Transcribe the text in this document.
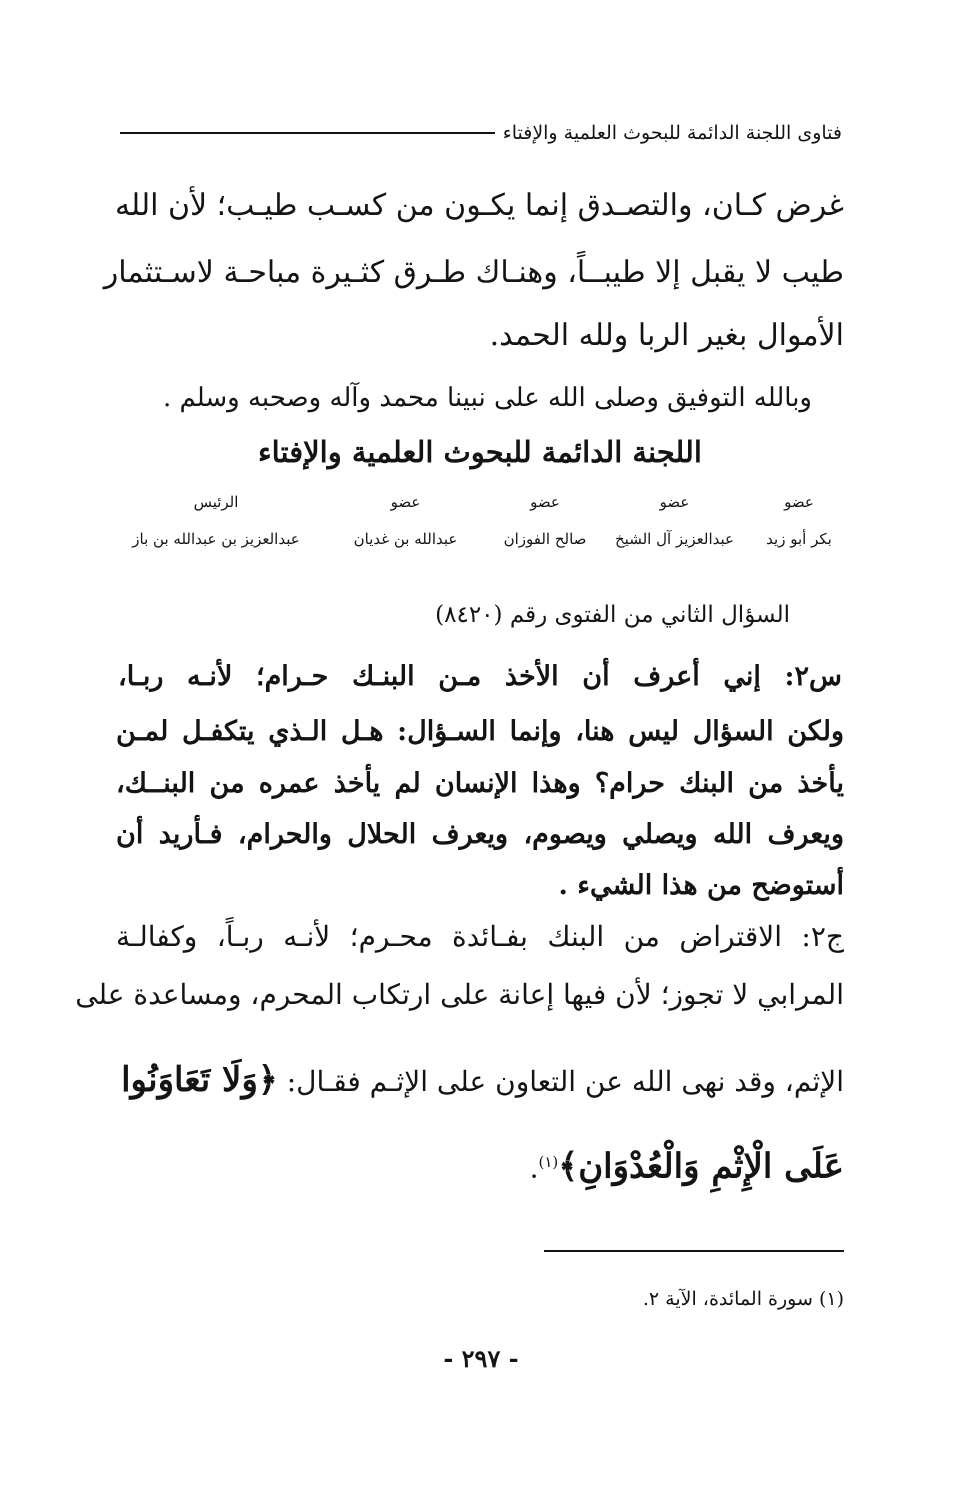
فتاوى اللجنة الدائمة للبحوث العلمية والإفتاء
غرض كـان، والتصـدق إنما يكـون من كسـب طيـب؛ لأن الله
طيب لا يقبل إلا طيبــاً، وهنـاك طـرق كثـيرة مباحـة لاسـتثمار
الأموال بغير الربا ولله الحمد.
وبالله التوفيق وصلى الله على نبينا محمد وآله وصحبه وسلم .
اللجنة الدائمة للبحوث العلمية والإفتاء
عضو
عضو
عضو
عضو
الرئيس
بكر أبو زيد
عبدالعزيز آل الشيخ
صالح الفوزان
عبدالله بن غديان
عبدالعزيز بن عبدالله بن باز
السؤال الثاني من الفتوى رقم (٨٤٢٠)
س٢: إني أعرف أن الأخذ مـن البنـك حـرام؛ لأنـه ربـا،
ولكن السؤال ليس هنا، وإنما السـؤال: هـل الـذي يتكفـل لمـن
يأخذ من البنك حرام؟ وهذا الإنسان لم يأخذ عمره من البنــك،
ويعرف الله ويصلي ويصوم، ويعرف الحلال والحرام، فـأريد أن
أستوضح من هذا الشيء .
ج٢: الاقتراض من البنك بفـائدة محـرم؛ لأنـه ربـاً، وكفالـة
المرابي لا تجوز؛ لأن فيها إعانة على ارتكاب المحرم، ومساعدة على
الإثم، وقد نهى الله عن التعاون على الإثـم فقـال: ﴿وَلَا تَعَاوَنُوا
عَلَى الْإِثْمِ وَالْعُدْوَانِ﴾$^{(١)}$.
(١) سورة المائدة، الآية ٢.
- ٢٩٧ -
